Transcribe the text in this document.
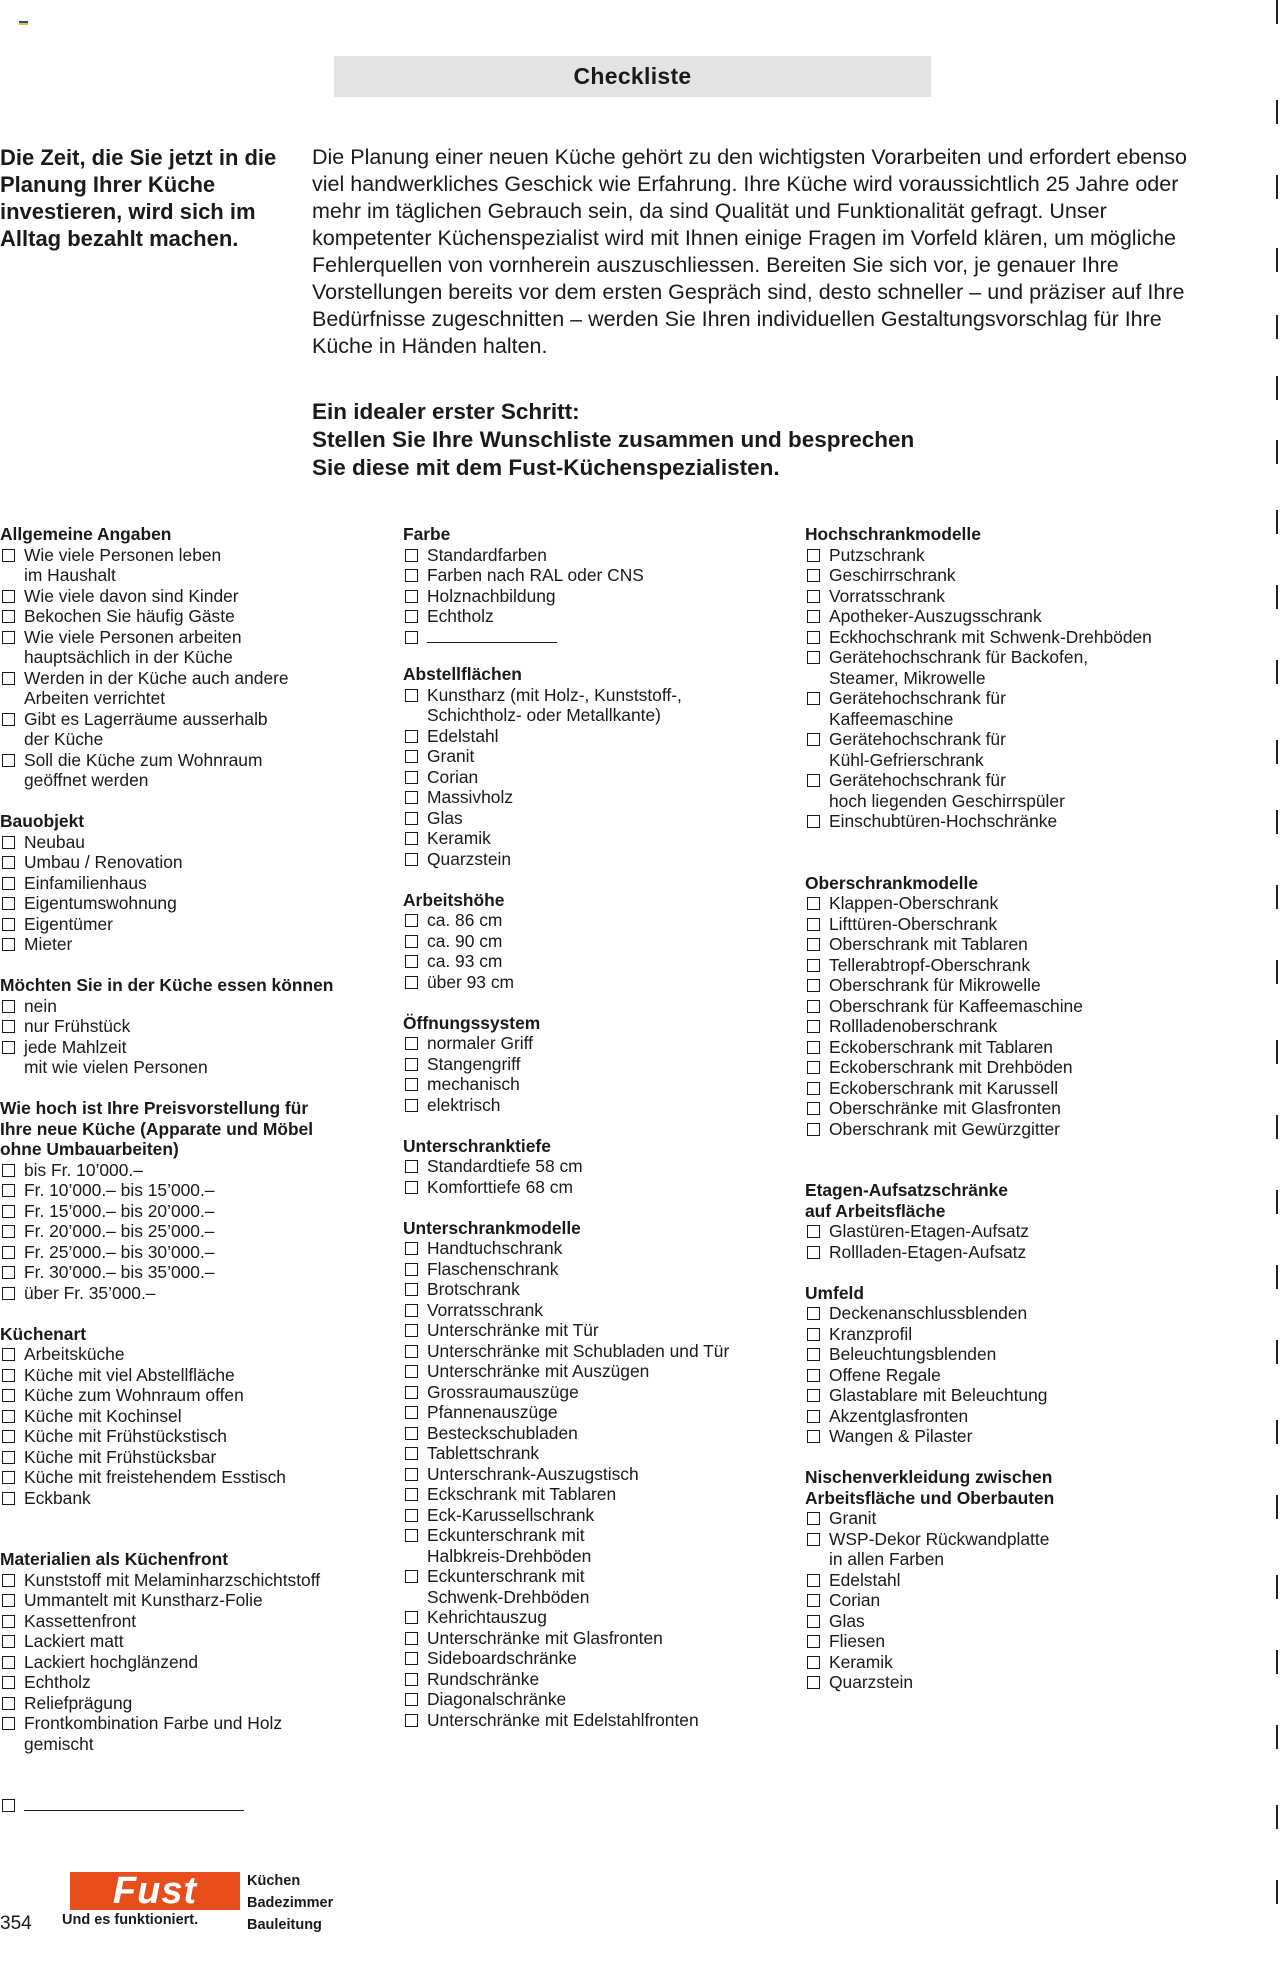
Checkliste
Die Zeit, die Sie jetzt in die Planung Ihrer Küche investieren, wird sich im Alltag bezahlt machen.

Die Planung einer neuen Küche gehört zu den wichtigsten Vorarbeiten und erfordert ebenso viel handwerkliches Geschick wie Erfahrung. Ihre Küche wird voraussichtlich 25 Jahre oder mehr im täglichen Gebrauch sein, da sind Qualität und Funktionalität gefragt. Unser kompetenter Küchenspezialist wird mit Ihnen einige Fragen im Vorfeld klären, um mögliche Fehlerquellen von vornherein auszuschliessen. Bereiten Sie sich vor, je genauer Ihre Vorstellungen bereits vor dem ersten Gespräch sind, desto schneller – und präziser auf Ihre Bedürfnisse zugeschnitten – werden Sie Ihren individuellen Gestaltungsvorschlag für Ihre Küche in Händen halten.

Ein idealer erster Schritt:
Stellen Sie Ihre Wunschliste zusammen und besprechen
Sie diese mit dem Fust-Küchenspezialisten.
Allgemeine Angaben
Wie viele Personen leben
im Haushalt
Wie viele davon sind Kinder
Bekochen Sie häufig Gäste
Wie viele Personen arbeiten
hauptsächlich in der Küche
Werden in der Küche auch andere
Arbeiten verrichtet
Gibt es Lagerräume ausserhalb
der Küche
Soll die Küche zum Wohnraum
geöffnet werden
Bauobjekt
Neubau
Umbau / Renovation
Einfamilienhaus
Eigentumswohnung
Eigentümer
Mieter
Möchten Sie in der Küche essen können
nein
nur Frühstück
jede Mahlzeit
mit wie vielen Personen
Wie hoch ist Ihre Preisvorstellung für
Ihre neue Küche (Apparate und Möbel
ohne Umbauarbeiten)
bis Fr. 10’000.–
Fr. 10’000.– bis 15’000.–
Fr. 15’000.– bis 20’000.–
Fr. 20’000.– bis 25’000.–
Fr. 25’000.– bis 30’000.–
Fr. 30’000.– bis 35’000.–
über Fr. 35’000.–
Küchenart
Arbeitsküche
Küche mit viel Abstellfläche
Küche zum Wohnraum offen
Küche mit Kochinsel
Küche mit Frühstückstisch
Küche mit Frühstücksbar
Küche mit freistehendem Esstisch
Eckbank
Materialien als Küchenfront
Kunststoff mit Melaminharzschichtstoff
Ummantelt mit Kunstharz-Folie
Kassettenfront
Lackiert matt
Lackiert hochglänzend
Echtholz
Reliefprägung
Frontkombination Farbe und Holz
gemischt
Farbe
Standardfarben
Farben nach RAL oder CNS
Holznachbildung
Echtholz
Abstellflächen
Kunstharz (mit Holz-, Kunststoff-,
Schichtholz- oder Metallkante)
Edelstahl
Granit
Corian
Massivholz
Glas
Keramik
Quarzstein
Arbeitshöhe
ca. 86 cm
ca. 90 cm
ca. 93 cm
über 93 cm
Öffnungssystem
normaler Griff
Stangengriff
mechanisch
elektrisch
Unterschranktiefe
Standardtiefe 58 cm
Komforttiefe 68 cm
Unterschrankmodelle
Handtuchschrank
Flaschenschrank
Brotschrank
Vorratsschrank
Unterschränke mit Tür
Unterschränke mit Schubladen und Tür
Unterschränke mit Auszügen
Grossraumauszüge
Pfannenauszüge
Besteckschubladen
Tablettschrank
Unterschrank-Auszugstisch
Eckschrank mit Tablaren
Eck-Karussellschrank
Eckunterschrank mit
Halbkreis-Drehböden
Eckunterschrank mit
Schwenk-Drehböden
Kehrichtauszug
Unterschränke mit Glasfronten
Sideboardschränke
Rundschränke
Diagonalschränke
Unterschränke mit Edelstahlfronten
Hochschrankmodelle
Putzschrank
Geschirrschrank
Vorratsschrank
Apotheker-Auszugsschrank
Eckhochschrank mit Schwenk-Drehböden
Gerätehochschrank für Backofen,
Steamer, Mikrowelle
Gerätehochschrank für
Kaffeemaschine
Gerätehochschrank für
Kühl-Gefrierschrank
Gerätehochschrank für
hoch liegenden Geschirrspüler
Einschubtüren-Hochschränke
Oberschrankmodelle
Klappen-Oberschrank
Lifttüren-Oberschrank
Oberschrank mit Tablaren
Tellerabtropf-Oberschrank
Oberschrank für Mikrowelle
Oberschrank für Kaffeemaschine
Rollladenoberschrank
Eckoberschrank mit Tablaren
Eckoberschrank mit Drehböden
Eckoberschrank mit Karussell
Oberschränke mit Glasfronten
Oberschrank mit Gewürzgitter
Etagen-Aufsatzschränke
auf Arbeitsfläche
Glastüren-Etagen-Aufsatz
Rollladen-Etagen-Aufsatz
Umfeld
Deckenanschlussblenden
Kranzprofil
Beleuchtungsblenden
Offene Regale
Glastablare mit Beleuchtung
Akzentglasfronten
Wangen & Pilaster
Nischenverkleidung zwischen
Arbeitsfläche und Oberbauten
Granit
WSP-Dekor Rückwandplatte
in allen Farben
Edelstahl
Corian
Glas
Fliesen
Keramik
Quarzstein
354
Fust
Und es funktioniert.
Küchen
Badezimmer
Bauleitung
